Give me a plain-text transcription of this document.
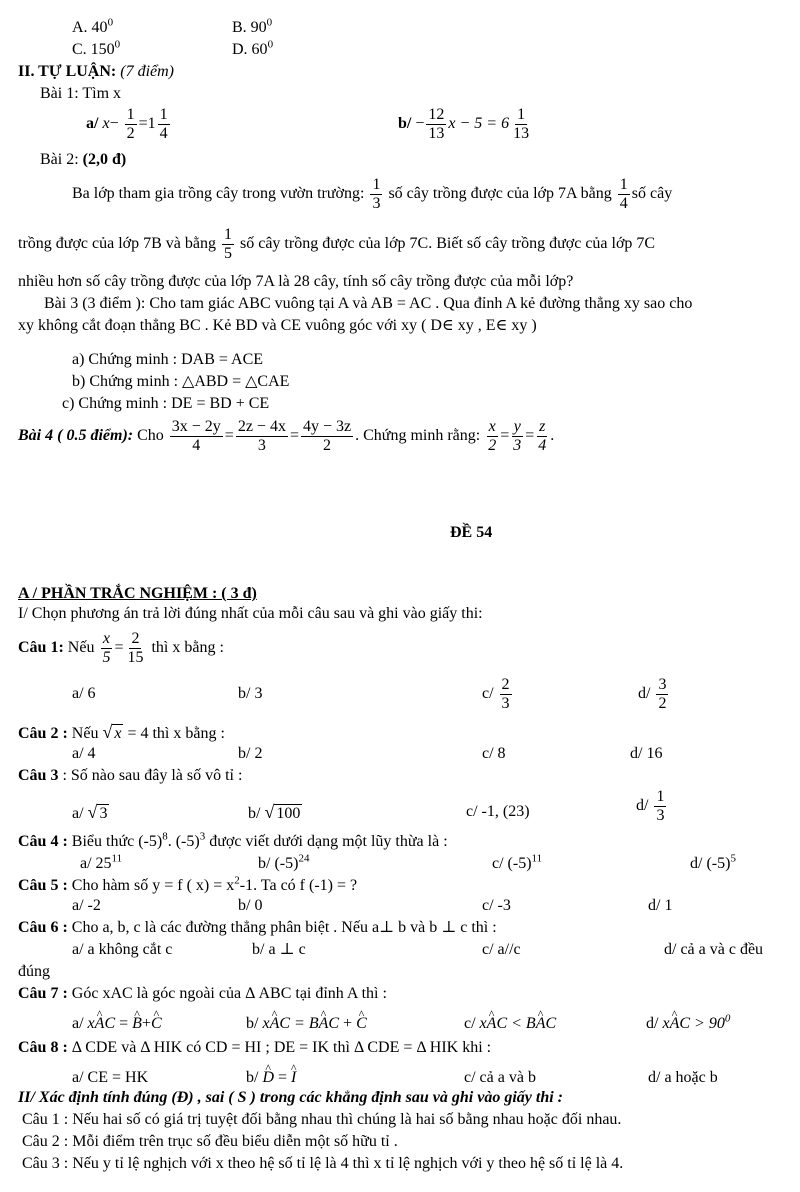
A. $40^0$	B. $90^0$
C. $150^0$	D. $60^0$
II. TỰ LUẬN: (7 điểm)
Bài 1: Tìm x
a/ $x- \frac{1}{2} =1 \frac{1}{4}$	$b/ - \frac{12}{13}$ $x - 5 = 6 \frac{1}{13}$
Bài 2: (2,0 đ)
Ba lớp tham gia trồng cây trong vườn trường: $\frac{1}{3}$ số cây trồng được của lớp 7A bằng $\frac{1}{4}$ số cây
trồng được của lớp 7B và bằng $\frac{1}{5}$ số cây trồng được của lớp 7C. Biết số cây trồng được của lớp 7C
nhiều hơn số cây trồng được của lớp 7A là 28 cây, tính số cây trồng được của mỗi lớp?
Bài 3 (3 điểm ): Cho tam giác ABC vuông tại A và AB = AC . Qua đỉnh A kẻ đường thẳng xy sao cho
xy không cắt đoạn thẳng BC . Kẻ BD và CE vuông góc với xy ( D∈ xy , E∈ xy )
a) Chứng minh : DAB = ACE
b) Chứng minh : △ABD = △CAE
c) Chứng minh : DE = BD + CE
Bài 4 ( 0.5 điểm): Cho $\frac{3x - 2y}{4} = \frac{2z - 4x}{3} = \frac{4y - 3z}{2}$ . Chứng minh rằng: $\frac{x}{2} = \frac{y}{3} = \frac{z}{4}$ .
ĐỀ 54
A / PHẦN TRẮC NGHIỆM : ( 3 đ)
I/ Chọn phương án trả lời đúng nhất của mỗi câu sau và ghi vào giấy thi:
Câu 1: Nếu $\frac{x}{5} = \frac{2}{15}$ thì x bằng :
a/ 6	b/ 3	$c/ \frac{2}{3}$	$d/ \frac{3}{2}$
Câu 2 : Nếu √ x = 4 thì x bằng :
a/ 4	b/ 2	c/ 8	d/ 16
Câu 3 : Số nào sau đây là số vô tỉ :
a/ √ 3	b/ √ 100	c/ -1, (23)	$d/ \frac{1}{3}$
Câu 4 : Biểu thức $(-5)^8$. $(-5)^3$ được viết dưới dạng một lũy thừa là :
a/ $25^{11}$	b/ $(-5)^{24}$	c/ $(-5)^{11}$	d/ $(-5)^5$
Câu 5 : Cho hàm số y = f ( $x) = x^2-1$. Ta có f (-1) = ?
a/ -2	b/ 0	c/ -3	d/ 1
Câu 6 : Cho a, b, c là các đường thẳng phân biệt . Nếu a⊥ b và b ⊥ c thì :
a/ a không cắt c	b/ a ⊥ c	c/ a//c	d/ cả a và c đều
đúng
Câu 7 : Góc xAC là góc ngoài của Δ ABC tại đỉnh A thì :
a/ x^ AC = ^ B+^ C	b/ x^ AC = B^ AC + ^ C	c/ x^ AC < B^ AC	d/ x^ AC > $90^0$
Câu 8 : Δ CDE và Δ HIK có CD = HI ; DE = IK thì Δ CDE = Δ HIK khi :
a/ CE = HK	b/ ^ D = ^ I	c/ cả a và b	d/ a hoặc b
II/ Xác định tính đúng (Đ) , sai ( S ) trong các khẳng định sau và ghi vào giấy thi :
Câu 1 : Nếu hai số có giá trị tuyệt đối bằng nhau thì chúng là hai số bằng nhau hoặc đối nhau.
Câu 2 : Mỗi điểm trên trục số đều biểu diễn một số hữu tỉ .
Câu 3 : Nếu y tỉ lệ nghịch với x theo hệ số tỉ lệ là 4 thì x tỉ lệ nghịch với y theo hệ số tỉ lệ là 4.
